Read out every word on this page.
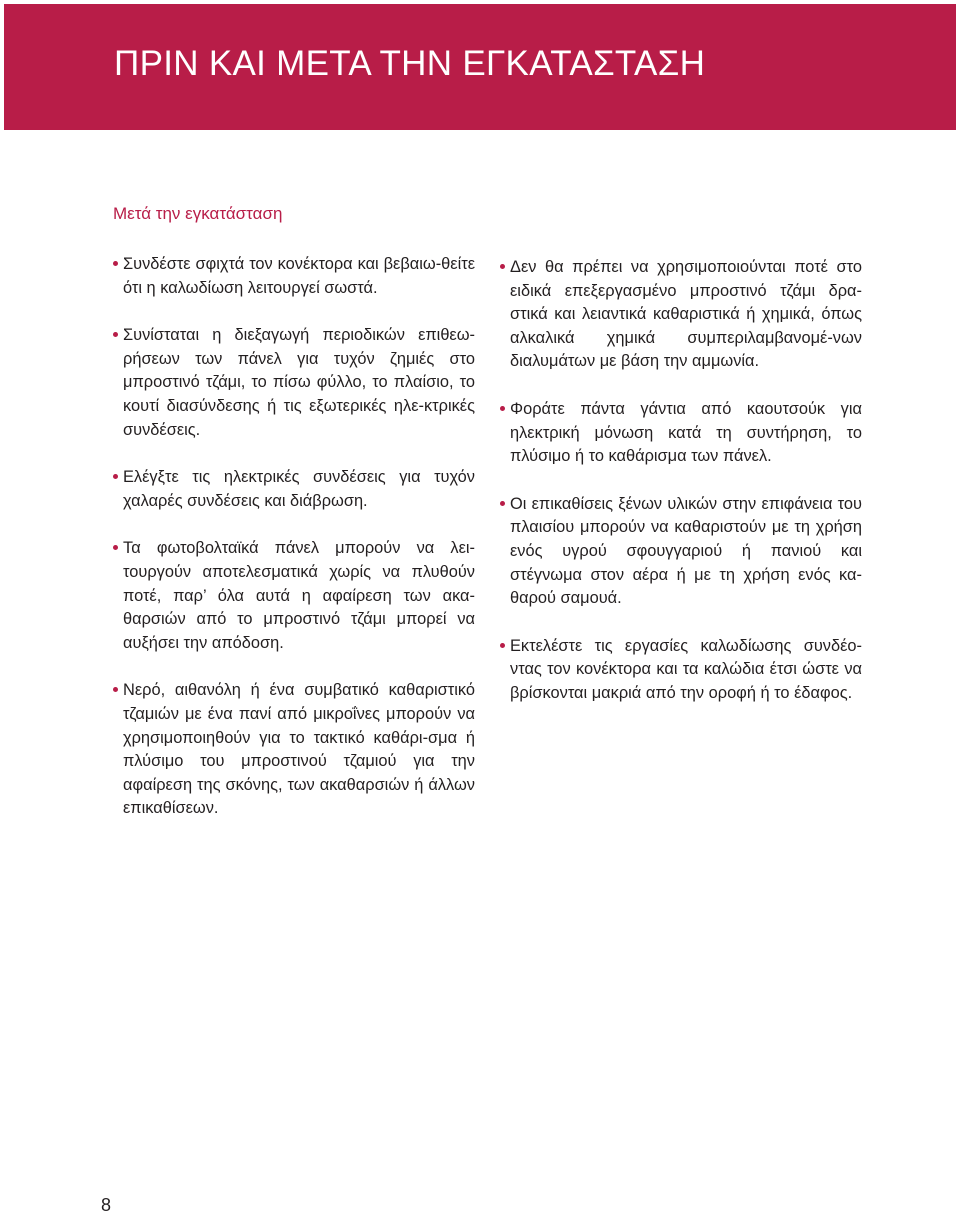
ΠΡΙΝ ΚΑΙ ΜΕΤΑ ΤΗΝ ΕΓΚΑΤΑΣΤΑΣΗ
Μετά την εγκατάσταση
Συνδέστε σφιχτά τον κονέκτορα και βεβαιω-θείτε ότι η καλωδίωση λειτουργεί σωστά.
Συνίσταται η διεξαγωγή περιοδικών επιθεω-ρήσεων των πάνελ για τυχόν ζημιές στο μπροστινό τζάμι, το πίσω φύλλο, το πλαίσιο, το κουτί διασύνδεσης ή τις εξωτερικές ηλε-κτρικές συνδέσεις.
Ελέγξτε τις ηλεκτρικές συνδέσεις για τυχόν χαλαρές συνδέσεις και διάβρωση.
Τα φωτοβολταϊκά πάνελ μπορούν να λει-τουργούν αποτελεσματικά χωρίς να πλυθούν ποτέ, παρ’ όλα αυτά η αφαίρεση των ακα-θαρσιών από το μπροστινό τζάμι μπορεί να αυξήσει την απόδοση.
Νερό, αιθανόλη ή ένα συμβατικό καθαριστικό τζαμιών με ένα πανί από μικροΐνες μπορούν να χρησιμοποιηθούν για το τακτικό καθάρι-σμα ή πλύσιμο του μπροστινού τζαμιού για την αφαίρεση της σκόνης, των ακαθαρσιών ή άλλων επικαθίσεων.
Δεν θα πρέπει να χρησιμοποιούνται ποτέ στο ειδικά επεξεργασμένο μπροστινό τζάμι δρα-στικά και λειαντικά καθαριστικά ή χημικά, όπως αλκαλικά χημικά συμπεριλαμβανομέ-νων διαλυμάτων με βάση την αμμωνία.
Φοράτε πάντα γάντια από καουτσούκ για ηλεκτρική μόνωση κατά τη συντήρηση, το πλύσιμο ή το καθάρισμα των πάνελ.
Οι επικαθίσεις ξένων υλικών στην επιφάνεια του πλαισίου μπορούν να καθαριστούν με τη χρήση ενός υγρού σφουγγαριού ή πανιού και στέγνωμα στον αέρα ή με τη χρήση ενός κα-θαρού σαμουά.
Εκτελέστε τις εργασίες καλωδίωσης συνδέο-ντας τον κονέκτορα και τα καλώδια έτσι ώστε να βρίσκονται μακριά από την οροφή ή το έδαφος.
8
